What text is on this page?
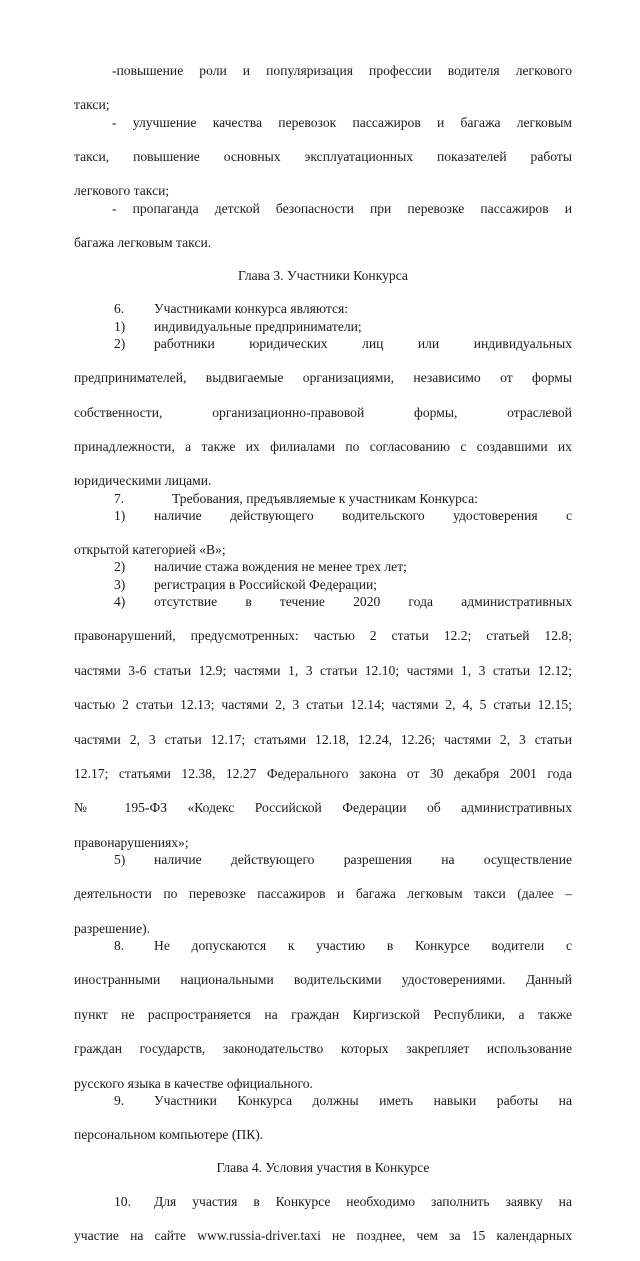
-повышение роли и популяризация профессии водителя легкового

такси;

- улучшение качества перевозок пассажиров и багажа легковым

такси, повышение основных эксплуатационных показателей работы

легкового такси;

- пропаганда детской безопасности при перевозке пассажиров и

багажа легковым такси.

Глава 3. Участники Конкурса

6. Участниками конкурса являются:
1) индивидуальные предприниматели;

2) работники юридических лиц или индивидуальных

предпринимателей, выдвигаемые организациями, независимо от формы

собственности, организационно-правовой формы, отраслевой

принадлежности, а также их филиалами по согласованию с создавшими их

юридическими лицами.

7.	Требования, предъявляемые к участникам Конкурса:

1) наличие действующего водительского удостоверения с

открытой категорией «В»;

2) наличие стажа вождения не менее трех лет;
3) регистрация в Российской Федерации;

4) отсутствие в течение 2020 года административных

правонарушений, предусмотренных: частью 2 статьи 12.2; статьей 12.8;

частями 3-6 статьи 12.9; частями 1, 3 статьи 12.10; частями 1, 3 статьи 12.12;

частью 2 статьи 12.13; частями 2, 3 статьи 12.14; частями 2, 4, 5 статьи 12.15;

частями 2, 3 статьи 12.17; статьями 12.18, 12.24, 12.26; частями 2, 3 статьи

12.17; статьями 12.38, 12.27 Федерального закона от 30 декабря 2001 года

№ 195-ФЗ «Кодекс Российской Федерации об административных

правонарушениях»;

5) наличие действующего разрешения на осуществление

деятельности по перевозке пассажиров и багажа легковым такси (далее –

разрешение).

8. Не допускаются к участию в Конкурсе водители с

иностранными национальными водительскими удостоверениями. Данный

пункт не распространяется на граждан Киргизской Республики, а также

граждан государств, законодательство которых закрепляет использование

русского языка в качестве официального.

9. Участники Конкурса должны иметь навыки работы на

персональном компьютере (ПК).

Глава 4. Условия участия в Конкурсе

10. Для участия в Конкурсе необходимо заполнить заявку на

участие на сайте www.russia-driver.taxi не позднее, чем за 15 календарных
